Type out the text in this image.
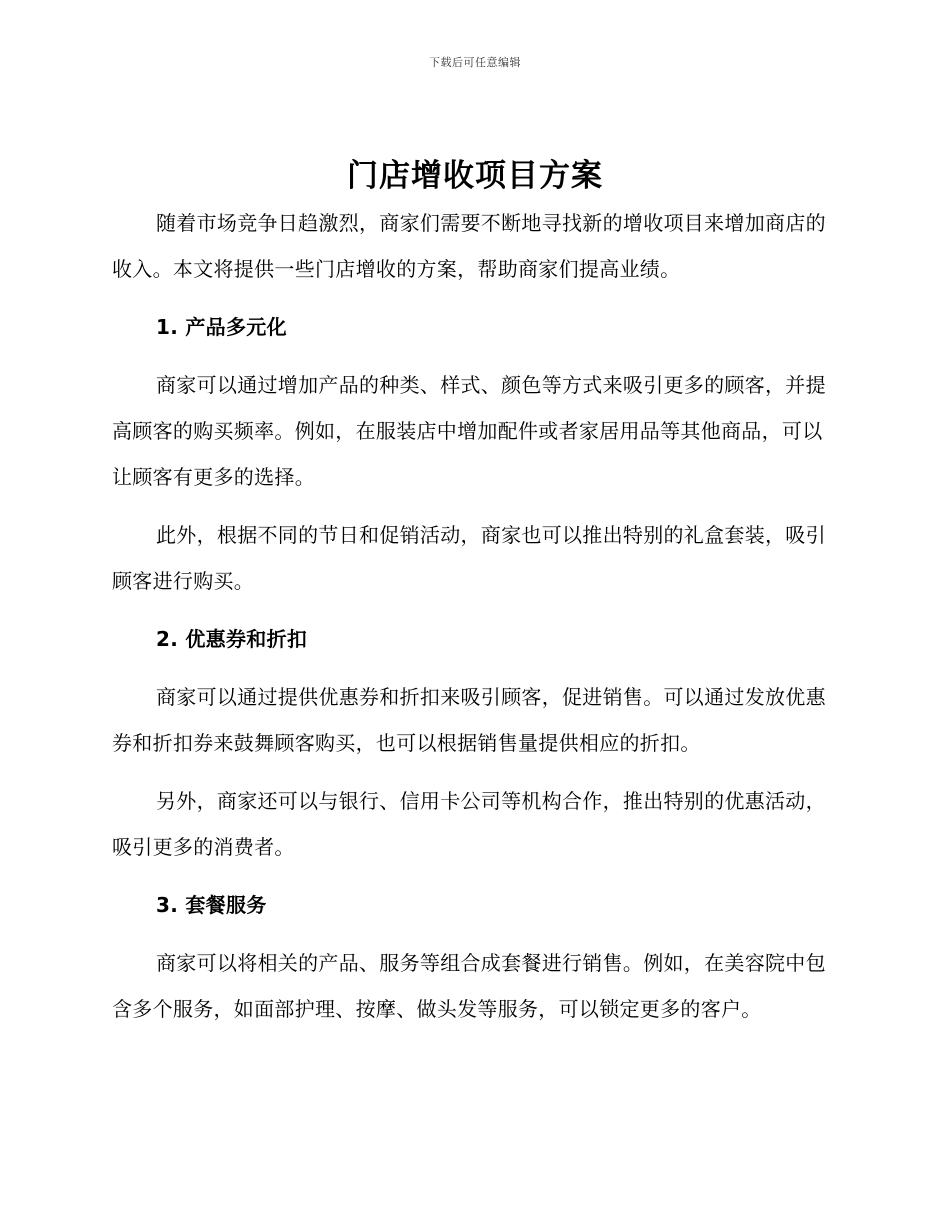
下载后可任意编辑
门店增收项目方案

随着市场竞争日趋激烈，商家们需要不断地寻找新的增收项目来增加商店的收入。本文将提供一些门店增收的方案，帮助商家们提高业绩。

1. 产品多元化

商家可以通过增加产品的种类、样式、颜色等方式来吸引更多的顾客，并提高顾客的购买频率。例如，在服装店中增加配件或者家居用品等其他商品，可以让顾客有更多的选择。

此外，根据不同的节日和促销活动，商家也可以推出特别的礼盒套装，吸引顾客进行购买。

2. 优惠券和折扣

商家可以通过提供优惠券和折扣来吸引顾客，促进销售。可以通过发放优惠券和折扣券来鼓舞顾客购买，也可以根据销售量提供相应的折扣。

另外，商家还可以与银行、信用卡公司等机构合作，推出特别的优惠活动，吸引更多的消费者。

3. 套餐服务

商家可以将相关的产品、服务等组合成套餐进行销售。例如，在美容院中包含多个服务，如面部护理、按摩、做头发等服务，可以锁定更多的客户。
